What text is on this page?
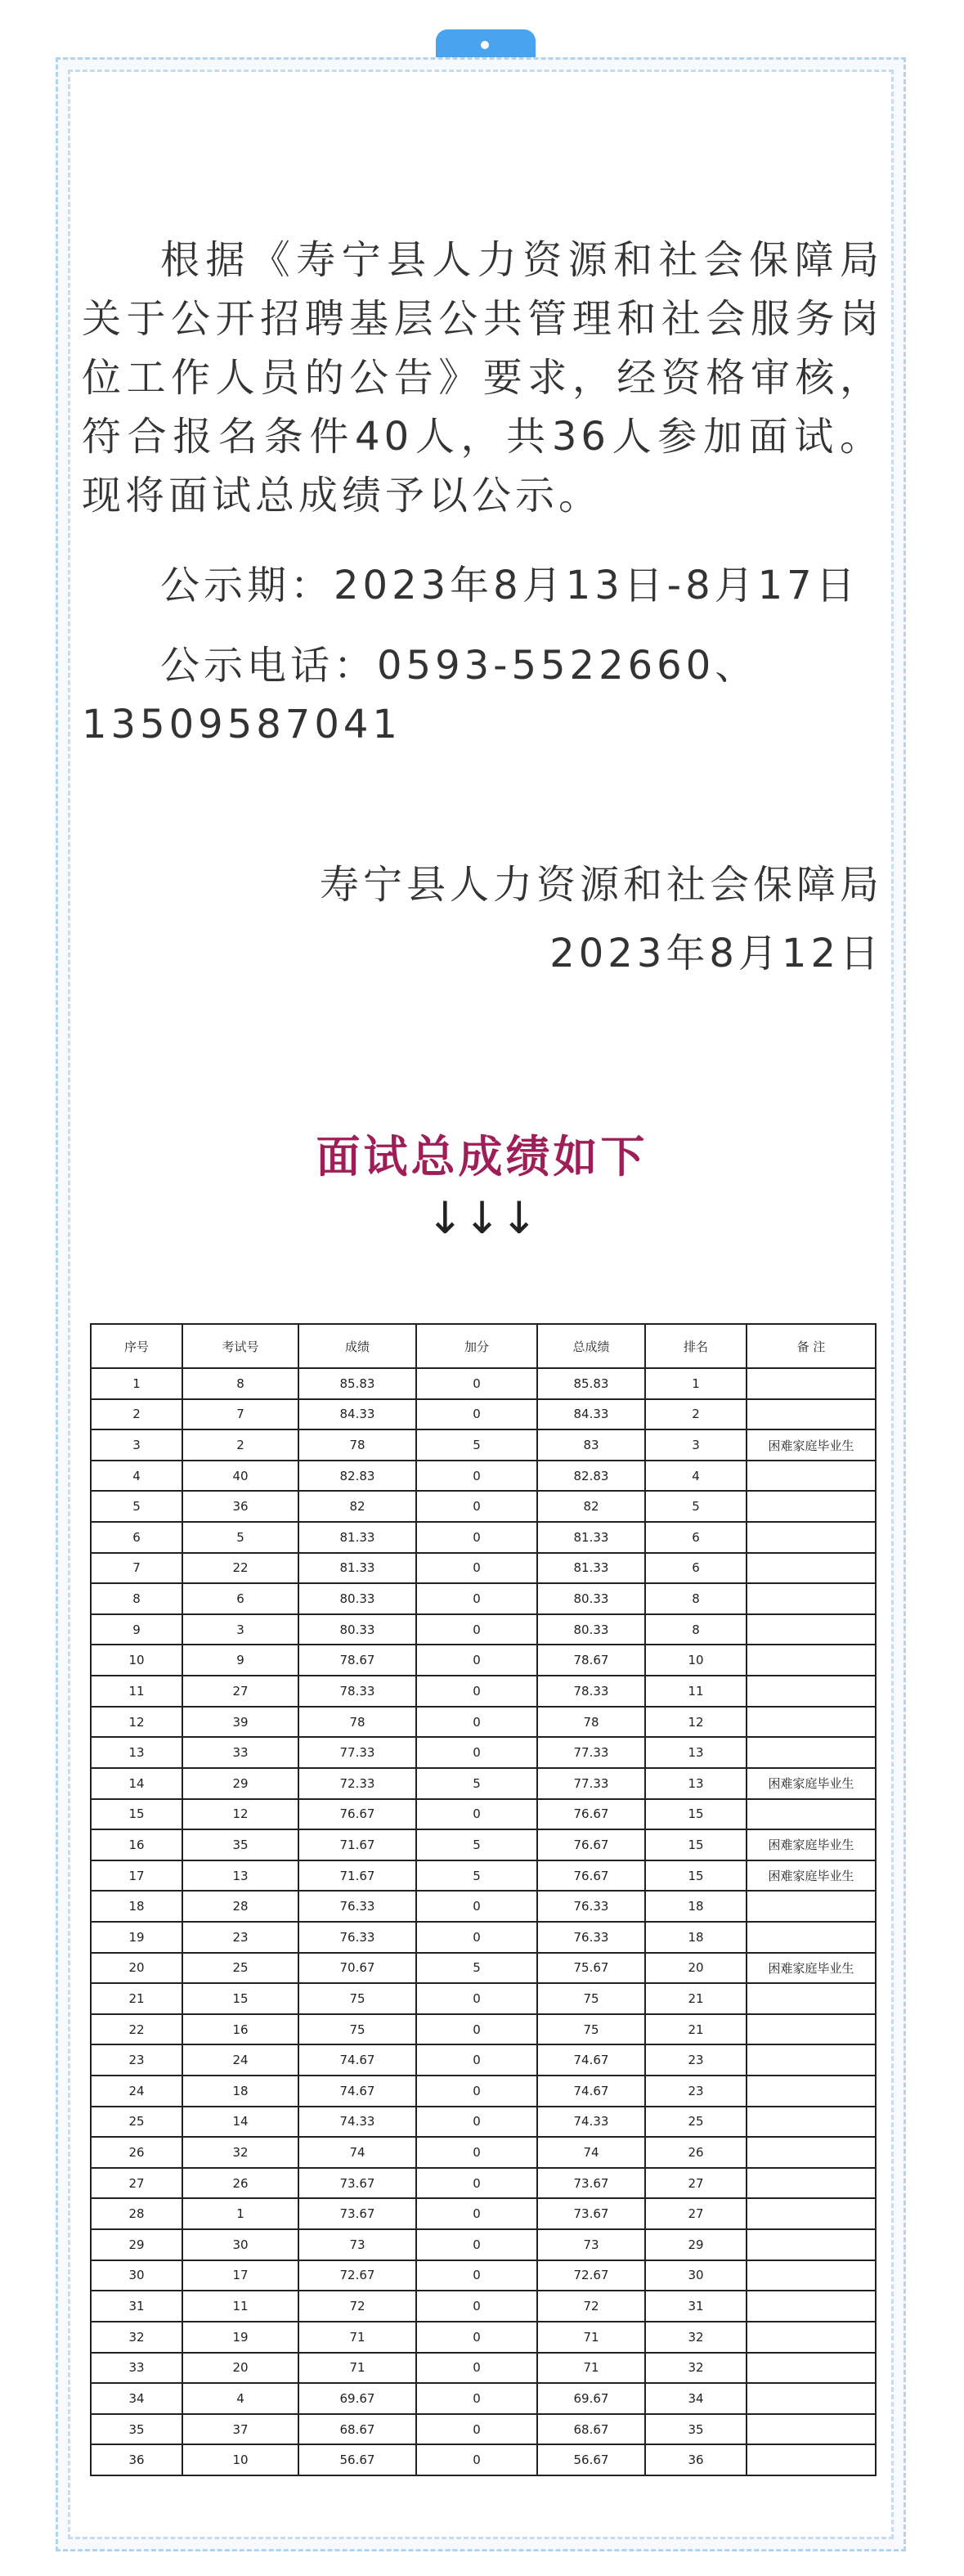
根据《寿宁县人力资源和社会保障局关于公开招聘基层公共管理和社会服务岗位工作人员的公告》要求，经资格审核，符合报名条件40人，共36人参加面试。现将面试总成绩予以公示。
公示期：2023年8月13日-8月17日
公示电话：0593-5522660、13509587041
寿宁县人力资源和社会保障局
2023年8月12日
面试总成绩如下
↓↓↓
序号	考试号	成绩	加分	总成绩	排名	备 注
1	8	85.83	0	85.83	1	
2	7	84.33	0	84.33	2	
3	2	78	5	83	3	困难家庭毕业生
4	40	82.83	0	82.83	4	
5	36	82	0	82	5	
6	5	81.33	0	81.33	6	
7	22	81.33	0	81.33	6	
8	6	80.33	0	80.33	8	
9	3	80.33	0	80.33	8	
10	9	78.67	0	78.67	10	
11	27	78.33	0	78.33	11	
12	39	78	0	78	12	
13	33	77.33	0	77.33	13	
14	29	72.33	5	77.33	13	困难家庭毕业生
15	12	76.67	0	76.67	15	
16	35	71.67	5	76.67	15	困难家庭毕业生
17	13	71.67	5	76.67	15	困难家庭毕业生
18	28	76.33	0	76.33	18	
19	23	76.33	0	76.33	18	
20	25	70.67	5	75.67	20	困难家庭毕业生
21	15	75	0	75	21	
22	16	75	0	75	21	
23	24	74.67	0	74.67	23	
24	18	74.67	0	74.67	23	
25	14	74.33	0	74.33	25	
26	32	74	0	74	26	
27	26	73.67	0	73.67	27	
28	1	73.67	0	73.67	27	
29	30	73	0	73	29	
30	17	72.67	0	72.67	30	
31	11	72	0	72	31	
32	19	71	0	71	32	
33	20	71	0	71	32	
34	4	69.67	0	69.67	34	
35	37	68.67	0	68.67	35	
36	10	56.67	0	56.67	36	
